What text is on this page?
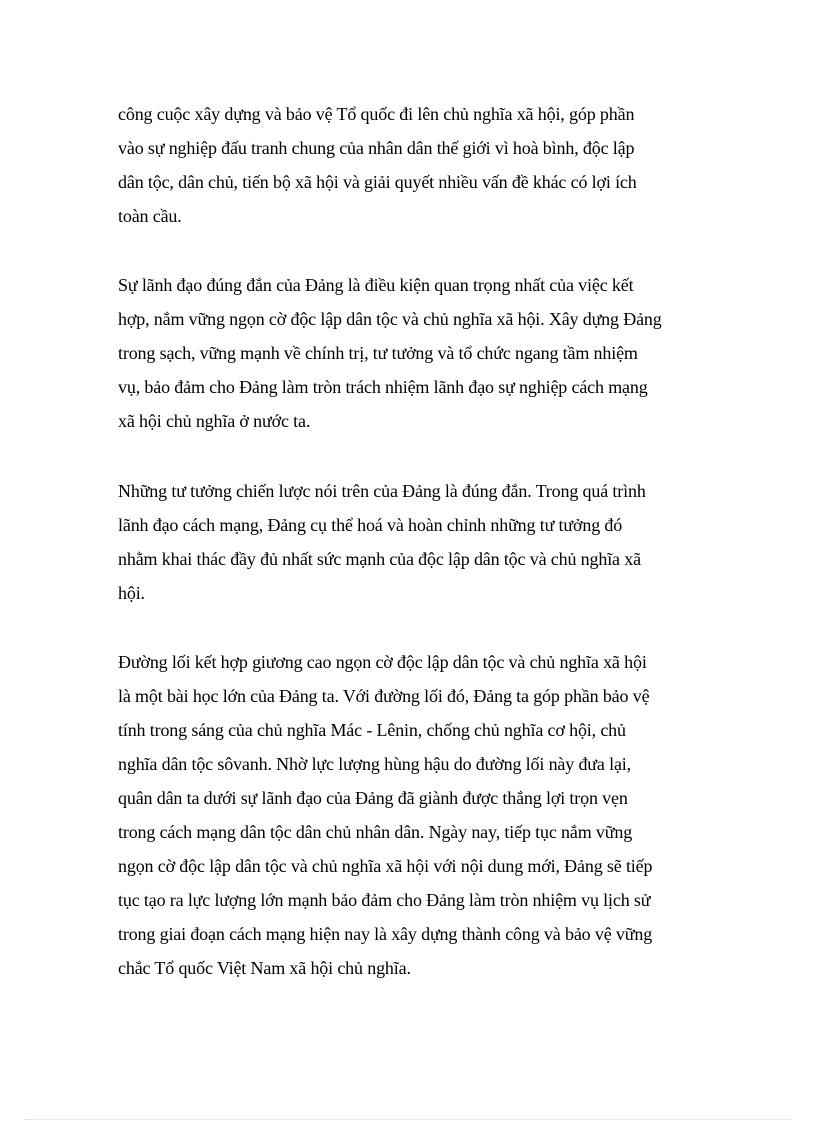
công cuộc xây dựng và bảo vệ Tổ quốc đi lên chủ nghĩa xã hội, góp phần
vào sự nghiệp đấu tranh chung của nhân dân thế giới vì hoà bình, độc lập
dân tộc, dân chủ, tiến bộ xã hội và giải quyết nhiều vấn đề khác có lợi ích
toàn cầu.

Sự lãnh đạo đúng đắn của Đảng là điều kiện quan trọng nhất của việc kết
hợp, nắm vững ngọn cờ độc lập dân tộc và chủ nghĩa xã hội. Xây dựng Đảng
trong sạch, vững mạnh về chính trị, tư tưởng và tổ chức ngang tầm nhiệm
vụ, bảo đảm cho Đảng làm tròn trách nhiệm lãnh đạo sự nghiệp cách mạng
xã hội chủ nghĩa ở nước ta.

Những tư tưởng chiến lược nói trên của Đảng là đúng đắn. Trong quá trình
lãnh đạo cách mạng, Đảng cụ thể hoá và hoàn chỉnh những tư tưởng đó
nhằm khai thác đầy đủ nhất sức mạnh của độc lập dân tộc và chủ nghĩa xã
hội.

Đường lối kết hợp giương cao ngọn cờ độc lập dân tộc và chủ nghĩa xã hội
là một bài học lớn của Đảng ta. Với đường lối đó, Đảng ta góp phần bảo vệ
tính trong sáng của chủ nghĩa Mác - Lênin, chống chủ nghĩa cơ hội, chủ
nghĩa dân tộc sôvanh. Nhờ lực lượng hùng hậu do đường lối này đưa lại,
quân dân ta dưới sự lãnh đạo của Đảng đã giành được thắng lợi trọn vẹn
trong cách mạng dân tộc dân chủ nhân dân. Ngày nay, tiếp tục nắm vững
ngọn cờ độc lập dân tộc và chủ nghĩa xã hội với nội dung mới, Đảng sẽ tiếp
tục tạo ra lực lượng lớn mạnh bảo đảm cho Đảng làm tròn nhiệm vụ lịch sử
trong giai đoạn cách mạng hiện nay là xây dựng thành công và bảo vệ vững
chắc Tổ quốc Việt Nam xã hội chủ nghĩa.
